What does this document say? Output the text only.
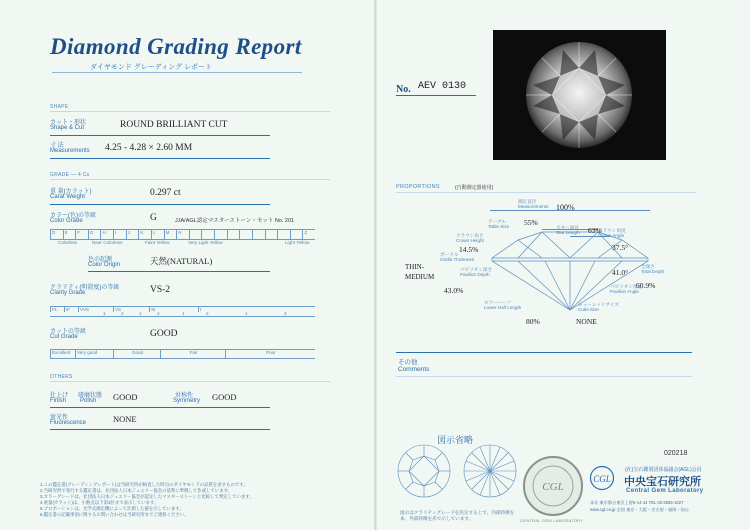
Diamond Grading Report
ダイヤモンド グレーディング レポート
SHAPE
カット・形状
Shape & Cut	ROUND BRILLIANT CUT
寸 法
Measurements 4.25 - 4.28 × 2.60 MM
GRADE — 4 Cs
重 量(カラット)
Carat Weight	0.297 ct
カラー(色)の等級
Color Grade	G	JJA/AGL認定マスターストーン・セット No. 201
D	E	F	G	H	I	J	K	L	M	N	Z
Colorless	Near Colorless	Faint Yellow	Very Light Yellow	Light Yellow
色の起源
Color Origin	天然(NATURAL)
クラリティ(明澄度)の等級
Clarity Grade	VS-2
FL	IF	VVS	VS	SI	I
1	2	1	2	1	2	1	2
カットの等級
Cut Grade	GOOD
Excellent	Very good	Good	Fair	Poor
OTHERS
仕上げ
Finish
研磨状態
Polish GOOD	対称性
Symmetry GOOD
蛍光性
Fluorescence	NONE
1.この鑑定書(グレーディングレポート)は当研究所が検査した時点のダイヤモンドの品質を表すものです。
2.当研究所で発行する鑑定書は、社団法人日本ジュエリー協会の基準に準拠して作成しています。
3.カラーグレードは、社団法人日本ジュエリー協会が認定したマスターストーンと比較して判定しています。
4.重量(カラット)は、小数点以下第3位まで表示しています。
5.プロポーションは、光学式測定機によって計測した値を示しています。
6.鑑定書の記載事項に関するお問い合わせは当研究所までご連絡ください。
No. AEV 0130
PROPORTIONS	(自動測定器使用)
100%
55%
63%
14.5%	37.5°
THIN-MEDIUM	41.0°
60.9%
43.0%
80%	NONE
測定直径
Measurements
テーブル
Table Size	スター面長
Star Length
クラウン高さ
Crown Height
クラウン角度
Crown Angle
ガードル
Girdle Thickness
パビリオン深さ
Pavilion Depth
パビリオン角度
Pavilion Angle
全深さ
Total Depth
ロワーハーフ
Lower Half Length
キューレットサイズ
Culet Size
その他
Comments
図示省略
図示はクラリティグレードを決定する上で、内部特徴を本、外部特徴を赤で示しています。
CGL
CENTRAL GEM LABORATORY
020218
CGL
(社)宝石鑑別団体協議会(AGL)会員
中央宝石研究所
Central Gem Laboratory
本社 東京都台東区上野5-14-14 TEL 03-3836-1627
www.cgl.co.jp 全国 東京・大阪・名古屋・福岡・仙台
